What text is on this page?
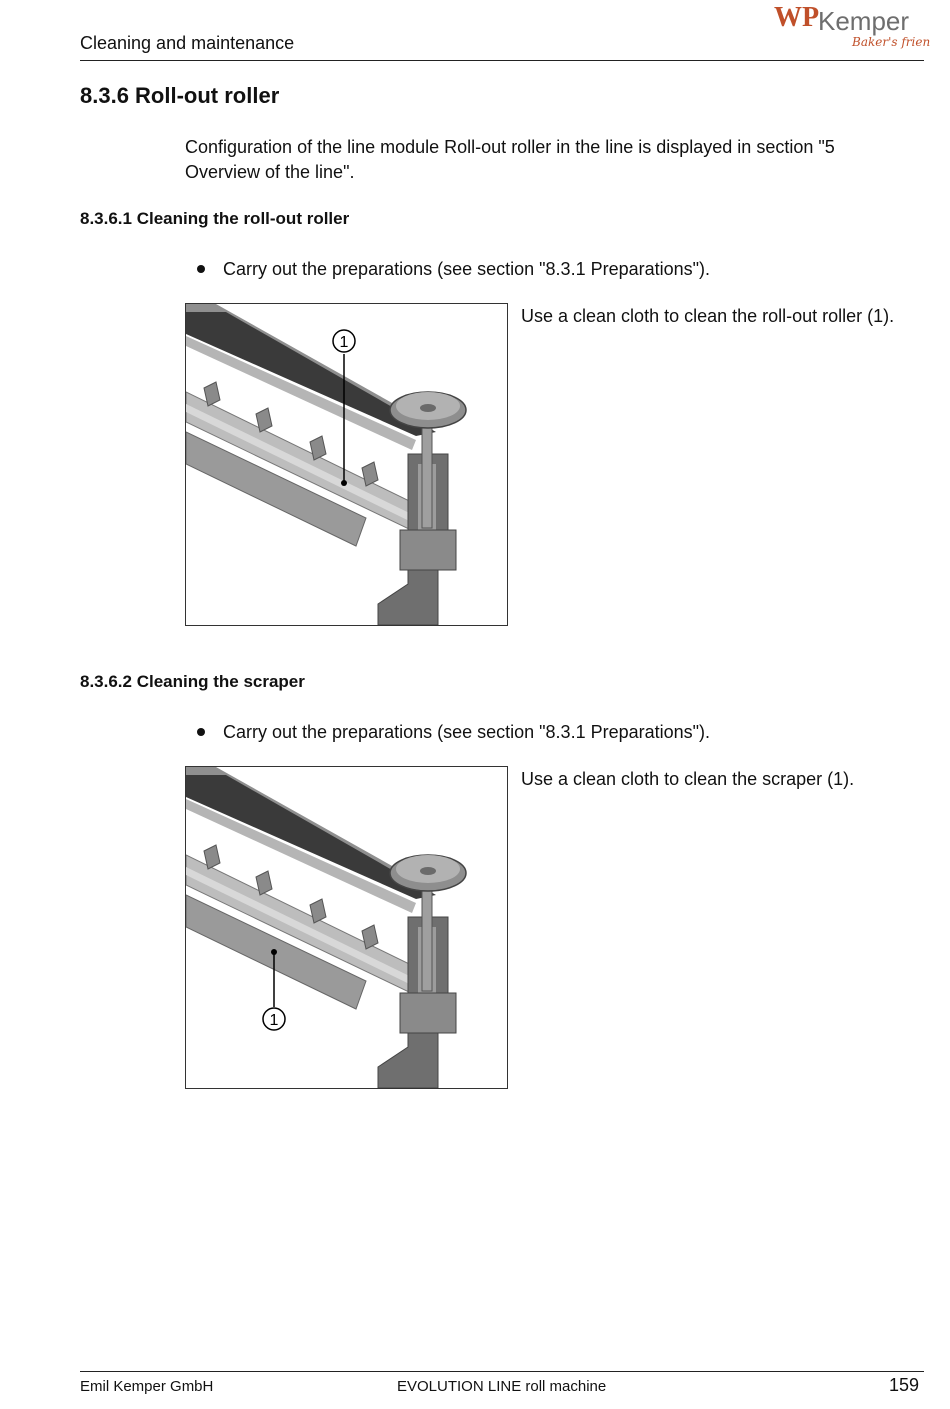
Cleaning and maintenance
WP
Kemper
Baker's friend
8.3.6 Roll-out roller
Configuration of the line module Roll-out roller in the line is displayed in section "5 Overview of the line".
8.3.6.1 Cleaning the roll-out roller
Carry out the preparations (see section "8.3.1 Preparations").
1
Use a clean cloth to clean the roll-out roller (1).
8.3.6.2 Cleaning the scraper
Carry out the preparations (see section "8.3.1 Preparations").
1
Use a clean cloth to clean the scraper (1).
Emil Kemper GmbH	EVOLUTION LINE roll machine	159
